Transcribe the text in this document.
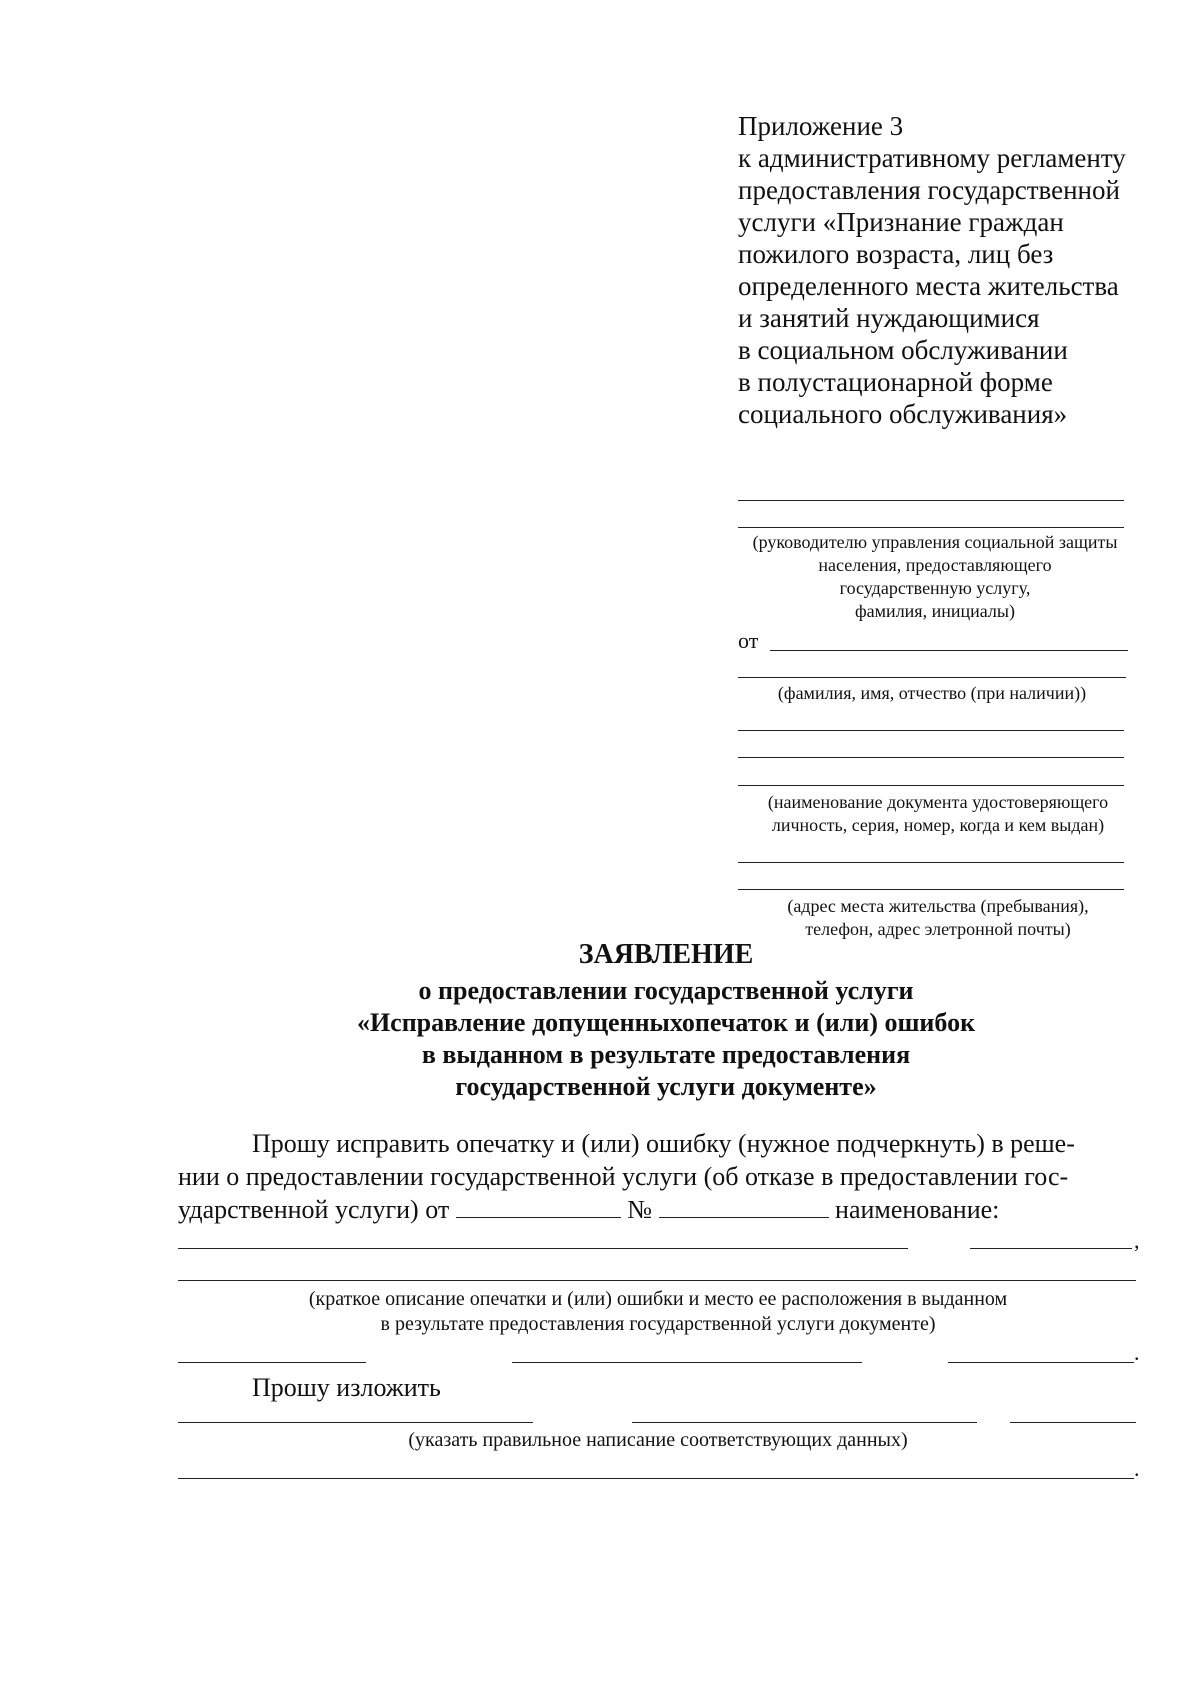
Приложение 3
к административному регламенту
предоставления государственной
услуги «Признание граждан
пожилого возраста, лиц без
определенного места жительства
и занятий нуждающимися
в социальном обслуживании
в полустационарной форме
социального обслуживания»
(руководителю управления социальной защиты
населения, предоставляющего
государственную услугу,
фамилия, инициалы)
от
(фамилия, имя, отчество (при наличии))
(наименование документа удостоверяющего
личность, серия, номер, когда и кем выдан)
(адрес места жительства (пребывания),
телефон, адрес элетронной почты)
ЗАЯВЛЕНИЕ
о предоставлении государственной услуги
«Исправление допущенныхопечаток и (или) ошибок
в выданном в результате предоставления
государственной услуги документе»
Прошу исправить опечатку и (или) ошибку (нужное подчеркнуть) в реше-
нии о предоставлении государственной услуги (об отказе в предоставлении гос-
ударственной услуги) от	№	наименование:
,
(краткое описание опечатки и (или) ошибки и место ее расположения в выданном
в результате предоставления государственной услуги документе)
.
Прошу изложить
(указать правильное написание соответствующих данных)
.
